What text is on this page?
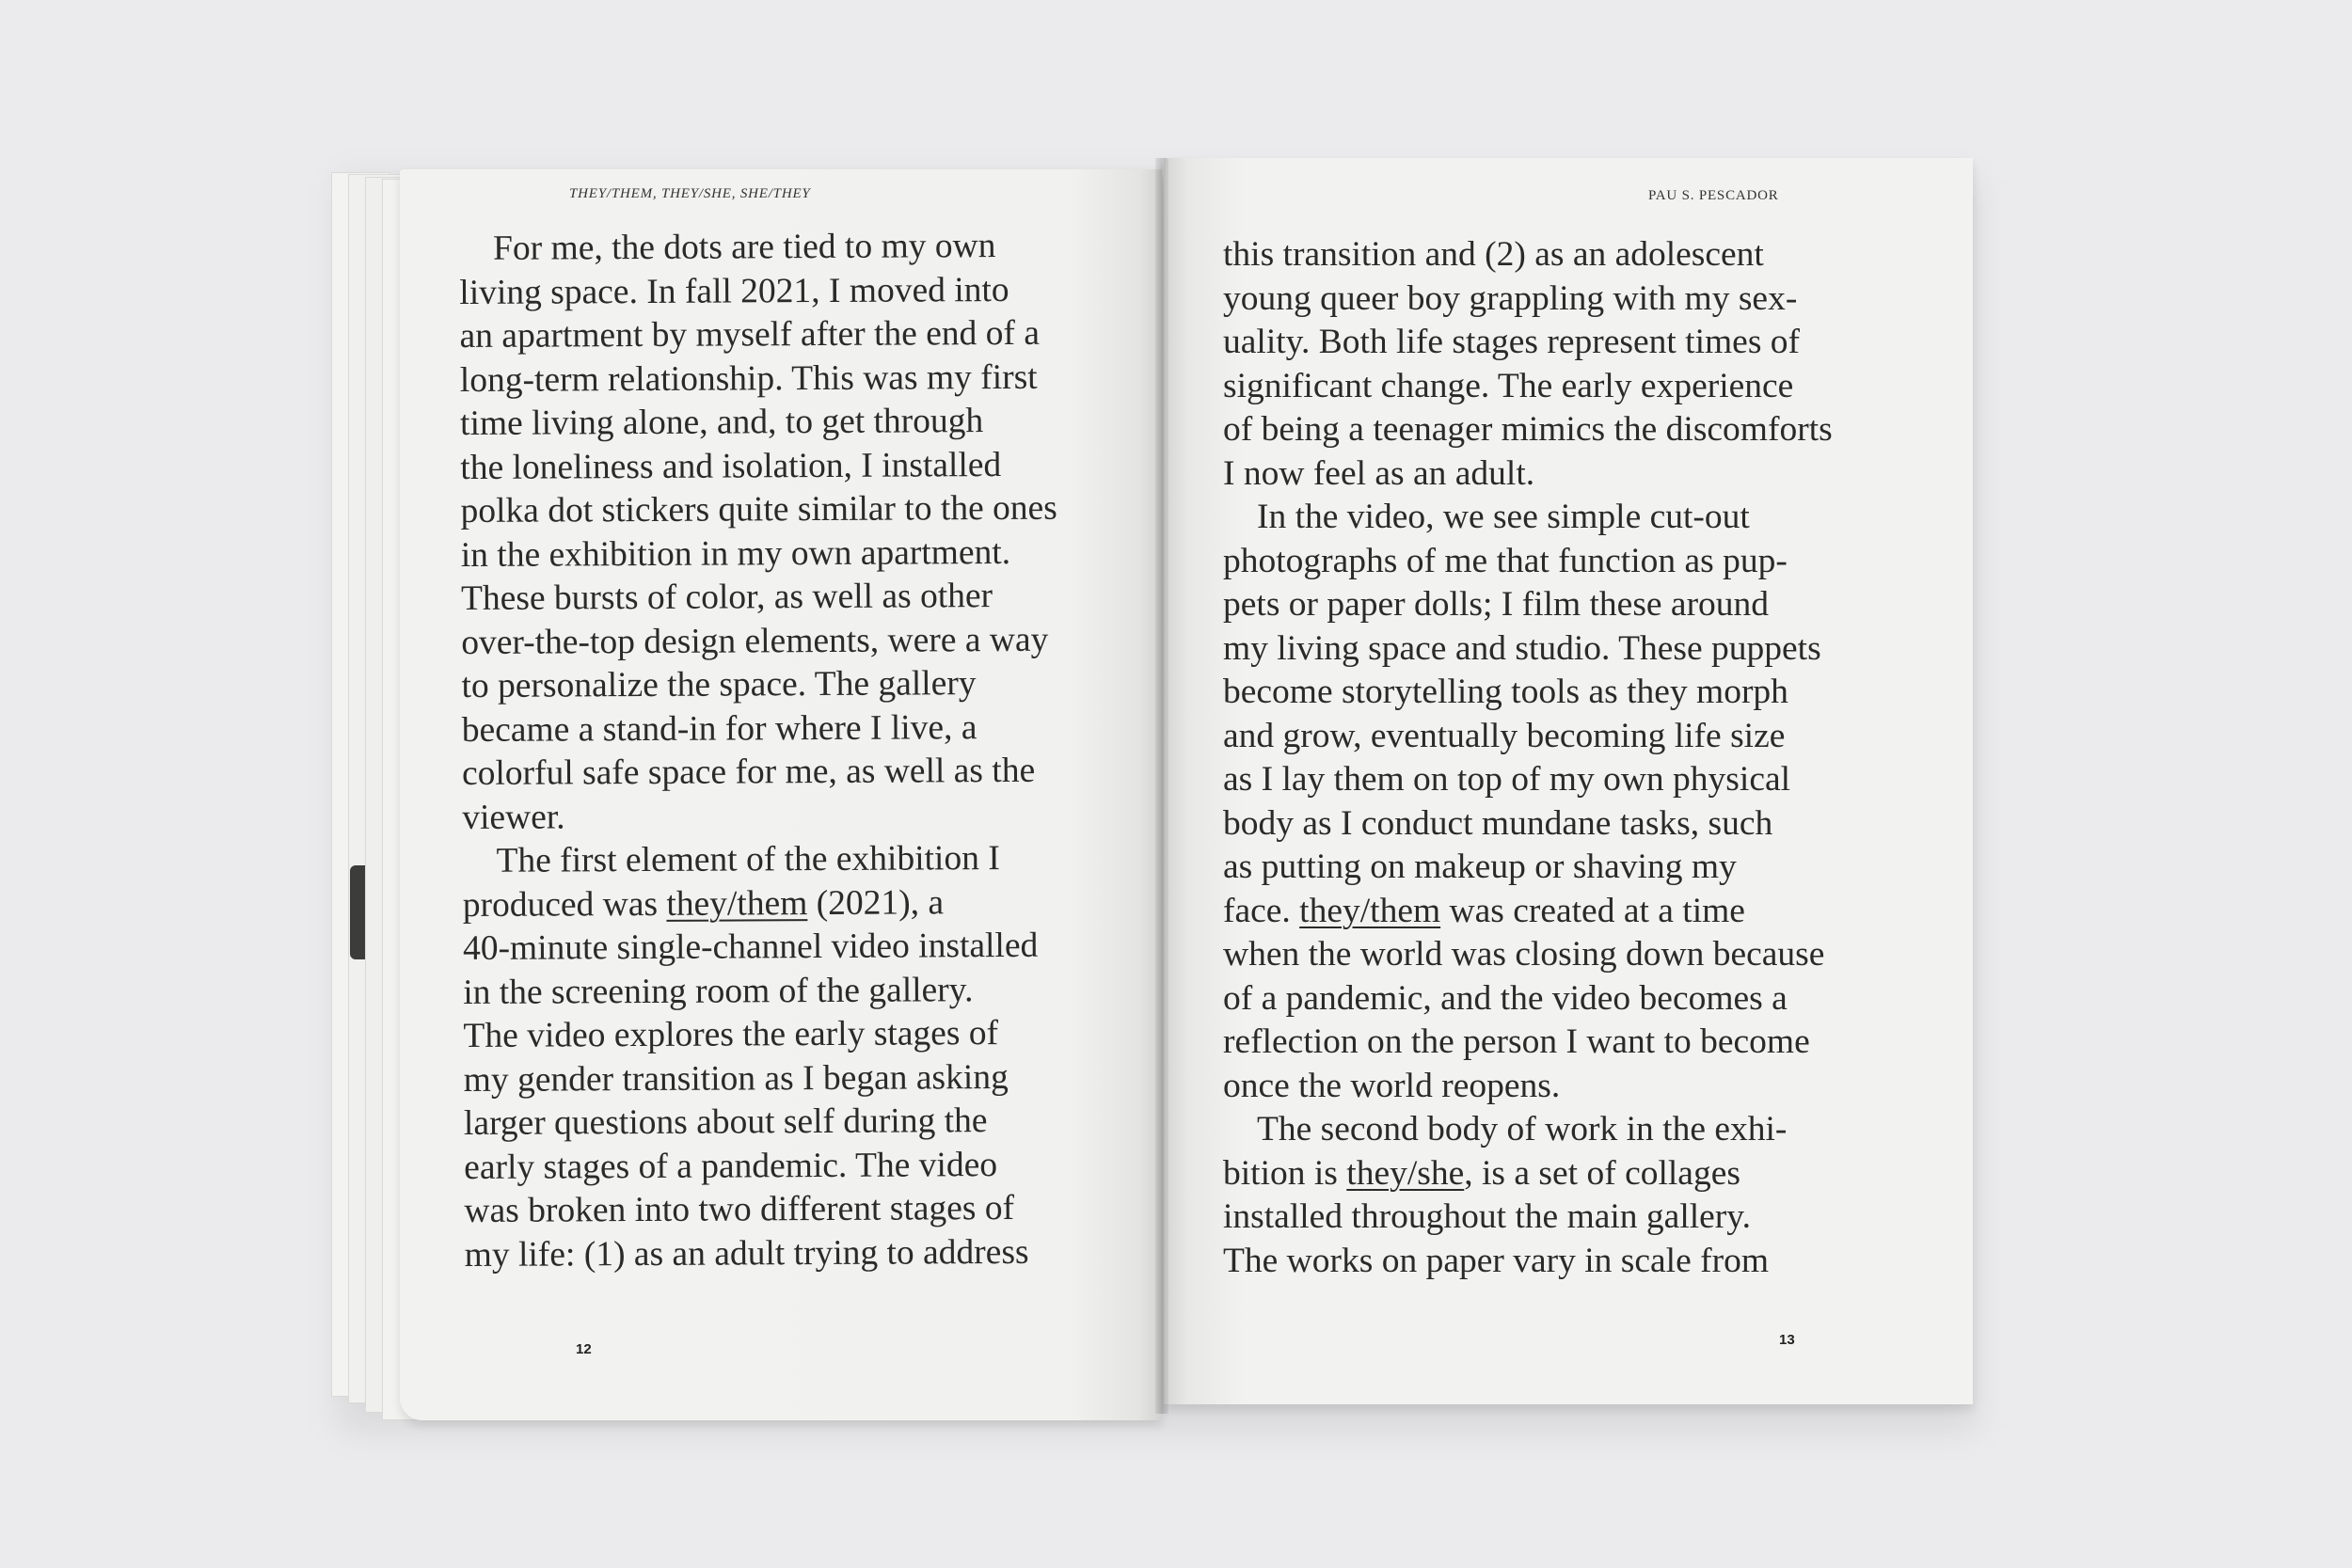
THEY/THEM, THEY/SHE, SHE/THEY	PAU S. PESCADOR
For me, the dots are tied to my own
living space. In fall 2021, I moved into
an apartment by myself after the end of a
long-term relationship. This was my first
time living alone, and, to get through
the loneliness and isolation, I installed
polka dot stickers quite similar to the ones
in the exhibition in my own apartment.
These bursts of color, as well as other
over-the-top design elements, were a way
to personalize the space. The gallery
became a stand-in for where I live, a
colorful safe space for me, as well as the
viewer.
The first element of the exhibition I
produced was they/them (2021), a
40-minute single-channel video installed
in the screening room of the gallery.
The video explores the early stages of
my gender transition as I began asking
larger questions about self during the
early stages of a pandemic. The video
was broken into two different stages of
my life: (1) as an adult trying to address
this transition and (2) as an adolescent
young queer boy grappling with my sex-
uality. Both life stages represent times of
significant change. The early experience
of being a teenager mimics the discomforts
I now feel as an adult.
In the video, we see simple cut-out
photographs of me that function as pup-
pets or paper dolls; I film these around
my living space and studio. These puppets
become storytelling tools as they morph
and grow, eventually becoming life size
as I lay them on top of my own physical
body as I conduct mundane tasks, such
as putting on makeup or shaving my
face. they/them was created at a time
when the world was closing down because
of a pandemic, and the video becomes a
reflection on the person I want to become
once the world reopens.
The second body of work in the exhi-
bition is they/she, is a set of collages
installed throughout the main gallery.
The works on paper vary in scale from
12
13
